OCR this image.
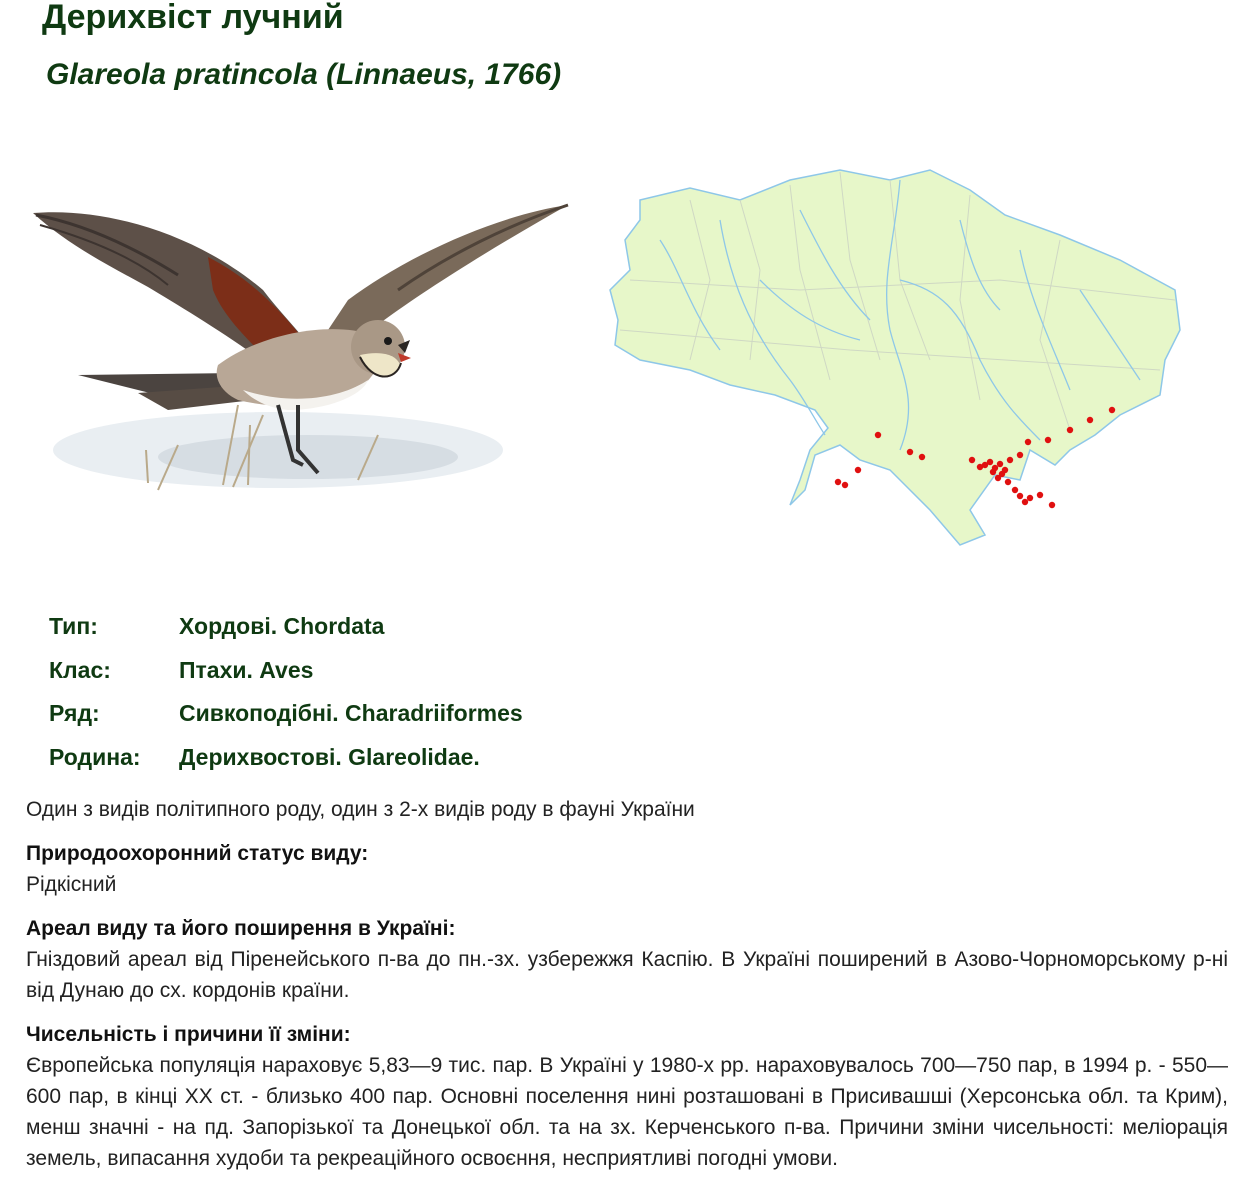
Дерихвіст лучний
Glareola pratincola (Linnaeus, 1766)
Тип:	Хордові. Chordata
Клас:	Птахи. Aves
Ряд:	Сивкоподібні. Charadriiformes
Родина:	Дерихвостові. Glareolidae.
Один з видів політипного роду, один з 2-х видів роду в фауні України
Природоохоронний статус виду:
Рідкісний
Ареал виду та його поширення в Україні:
Гніздовий ареал від Піренейського п-ва до пн.-зх. узбережжя Каспію. В Україні поширений в Азово-Чорноморському р-ні від Дунаю до сх. кордонів країни.
Чисельність і причини її зміни:
Європейська популяція нараховує 5,83—9 тис. пар. В Україні у 1980-х рр. нараховувалось 700—750 пар, в 1994 р. - 550—600 пар, в кінці XX ст. - близько 400 пар. Основні поселення нині розташовані в Присивашші (Херсонська обл. та Крим), менш значні - на пд. Запорізької та Донецької обл. та на зх. Керченського п-ва. Причини зміни чисельності: меліорація земель, випасання худоби та рекреаційного освоєння, несприятливі погодні умови.
